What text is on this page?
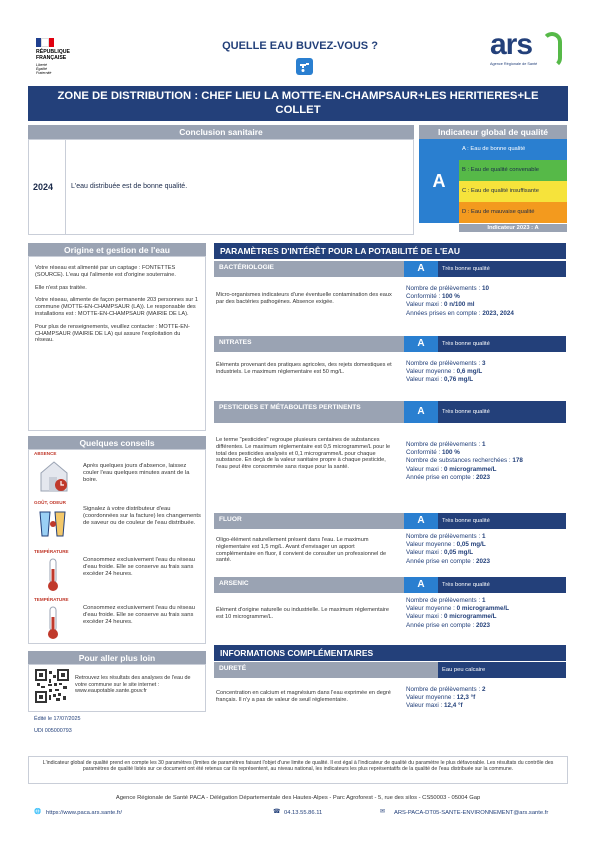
RÉPUBLIQUE
FRANÇAISE
Liberté
Égalité
Fraternité
QUELLE EAU BUVEZ-VOUS ?	ars
Agence Régionale de Santé
ZONE DE DISTRIBUTION : CHEF LIEU LA MOTTE-EN-CHAMPSAUR+LES HERITIERES+LE COLLET
Conclusion sanitaire
2024	L'eau distribuée est de bonne qualité.
Indicateur global de qualité
A
A : Eau de bonne qualité
B : Eau de qualité convenable
C : Eau de qualité insuffisante
D : Eau de mauvaise qualité
Indicateur 2023 : A
Origine et gestion de l'eau

Votre réseau est alimenté par un captage : FONTETTES (SOURCE). L'eau qui l'alimente est d'origine souterraine.

Elle n'est pas traitée.

Votre réseau, alimente de façon permanente 203 personnes sur 1 commune (MOTTE-EN-CHAMPSAUR (LA)). Le responsable des installations est : MOTTE-EN-CHAMPSAUR (MAIRIE DE LA).

Pour plus de renseignements, veuillez contacter : MOTTE-EN-CHAMPSAUR (MAIRIE DE LA) qui assure l'exploitation du réseau.

Quelques conseils
ABSENCE
Après quelques jours d'absence, laissez couler l'eau quelques minutes avant de la boire.
GOÛT, ODEUR
Signalez à votre distributeur d'eau (coordonnées sur la facture) les changements de saveur ou de couleur de l'eau distribuée.
TEMPÉRATURE
Consommez exclusivement l'eau du réseau d'eau froide. Elle se conserve au frais sans excéder 24 heures.
TEMPÉRATURE
Consommez exclusivement l'eau du réseau d'eau froide. Elle se conserve au frais sans excéder 24 heures.
Pour aller plus loin
Retrouvez les résultats des analyses de l'eau de votre commune sur le site internet : www.eaupotable.sante.gouv.fr
Édité le 17/07/2025
UDI 005000793
PARAMÈTRES D'INTÉRÊT POUR LA POTABILITÉ DE L'EAU
BACTÉRIOLOGIE	A	Très bonne qualité
Micro-organismes indicateurs d'une éventuelle contamination des eaux par des bactéries pathogènes. Absence exigée.
Nombre de prélèvements : 10
Conformité : 100 %
Valeur maxi : 0 n/100 ml
Années prises en compte : 2023, 2024
NITRATES	A	Très bonne qualité
Éléments provenant des pratiques agricoles, des rejets domestiques et industriels. Le maximum réglementaire est 50 mg/L.
Nombre de prélèvements : 3
Valeur moyenne : 0,6 mg/L
Valeur maxi : 0,76 mg/L
PESTICIDES ET MÉTABOLITES PERTINENTS	A	Très bonne qualité
Le terme "pesticides" regroupe plusieurs centaines de substances différentes. Le maximum réglementaire est 0,5 microgramme/L pour le total des pesticides analysés et 0,1 microgramme/L pour chaque substance. En deçà de la valeur sanitaire propre à chaque pesticide, l'eau peut être consommée sans risque pour la santé.
Nombre de prélèvements : 1
Conformité : 100 %
Nombre de substances recherchées : 178
Valeur maxi : 0 microgramme/L
Année prise en compte : 2023
FLUOR	A	Très bonne qualité
Oligo-élément naturellement présent dans l'eau. Le maximum réglementaire est 1,5 mg/L. Avant d'envisager un apport complémentaire en fluor, il convient de consulter un professionnel de santé.
Nombre de prélèvements : 1
Valeur moyenne : 0,05 mg/L
Valeur maxi : 0,05 mg/L
Année prise en compte : 2023
ARSENIC	A	Très bonne qualité
Élément d'origine naturelle ou industrielle. Le maximum réglementaire est 10 microgramme/L.
Nombre de prélèvements : 1
Valeur moyenne : 0 microgramme/L
Valeur maxi : 0 microgramme/L
Année prise en compte : 2023
INFORMATIONS COMPLÉMENTAIRES
DURETÉ	Eau peu calcaire
Concentration en calcium et magnésium dans l'eau exprimée en degré français. Il n'y a pas de valeur de seuil réglementaire.
Nombre de prélèvements : 2
Valeur moyenne : 12,3 °f
Valeur maxi : 12,4 °f
L'indicateur global de qualité prend en compte les 30 paramètres (limites de paramètres faisant l'objet d'une limite de qualité. Il est égal à l'indicateur de qualité du paramètre le plus défavorable. Les résultats du contrôle des paramètres de qualité listés sur ce document ont été retenus car ils représentent, au niveau national, les indicateurs les plus représentatifs de la qualité de l'eau distribuée sur la commune.
Agence Régionale de Santé PACA - Délégation Départementale des Hautes-Alpes - Parc Agroforest - 5, rue des silos - CS50003 - 05004 Gap
🌐 https://www.paca.ars.sante.fr/	☎ 04.13.55.86.11	✉ ARS-PACA-DT05-SANTE-ENVIRONNEMENT@ars.sante.fr
